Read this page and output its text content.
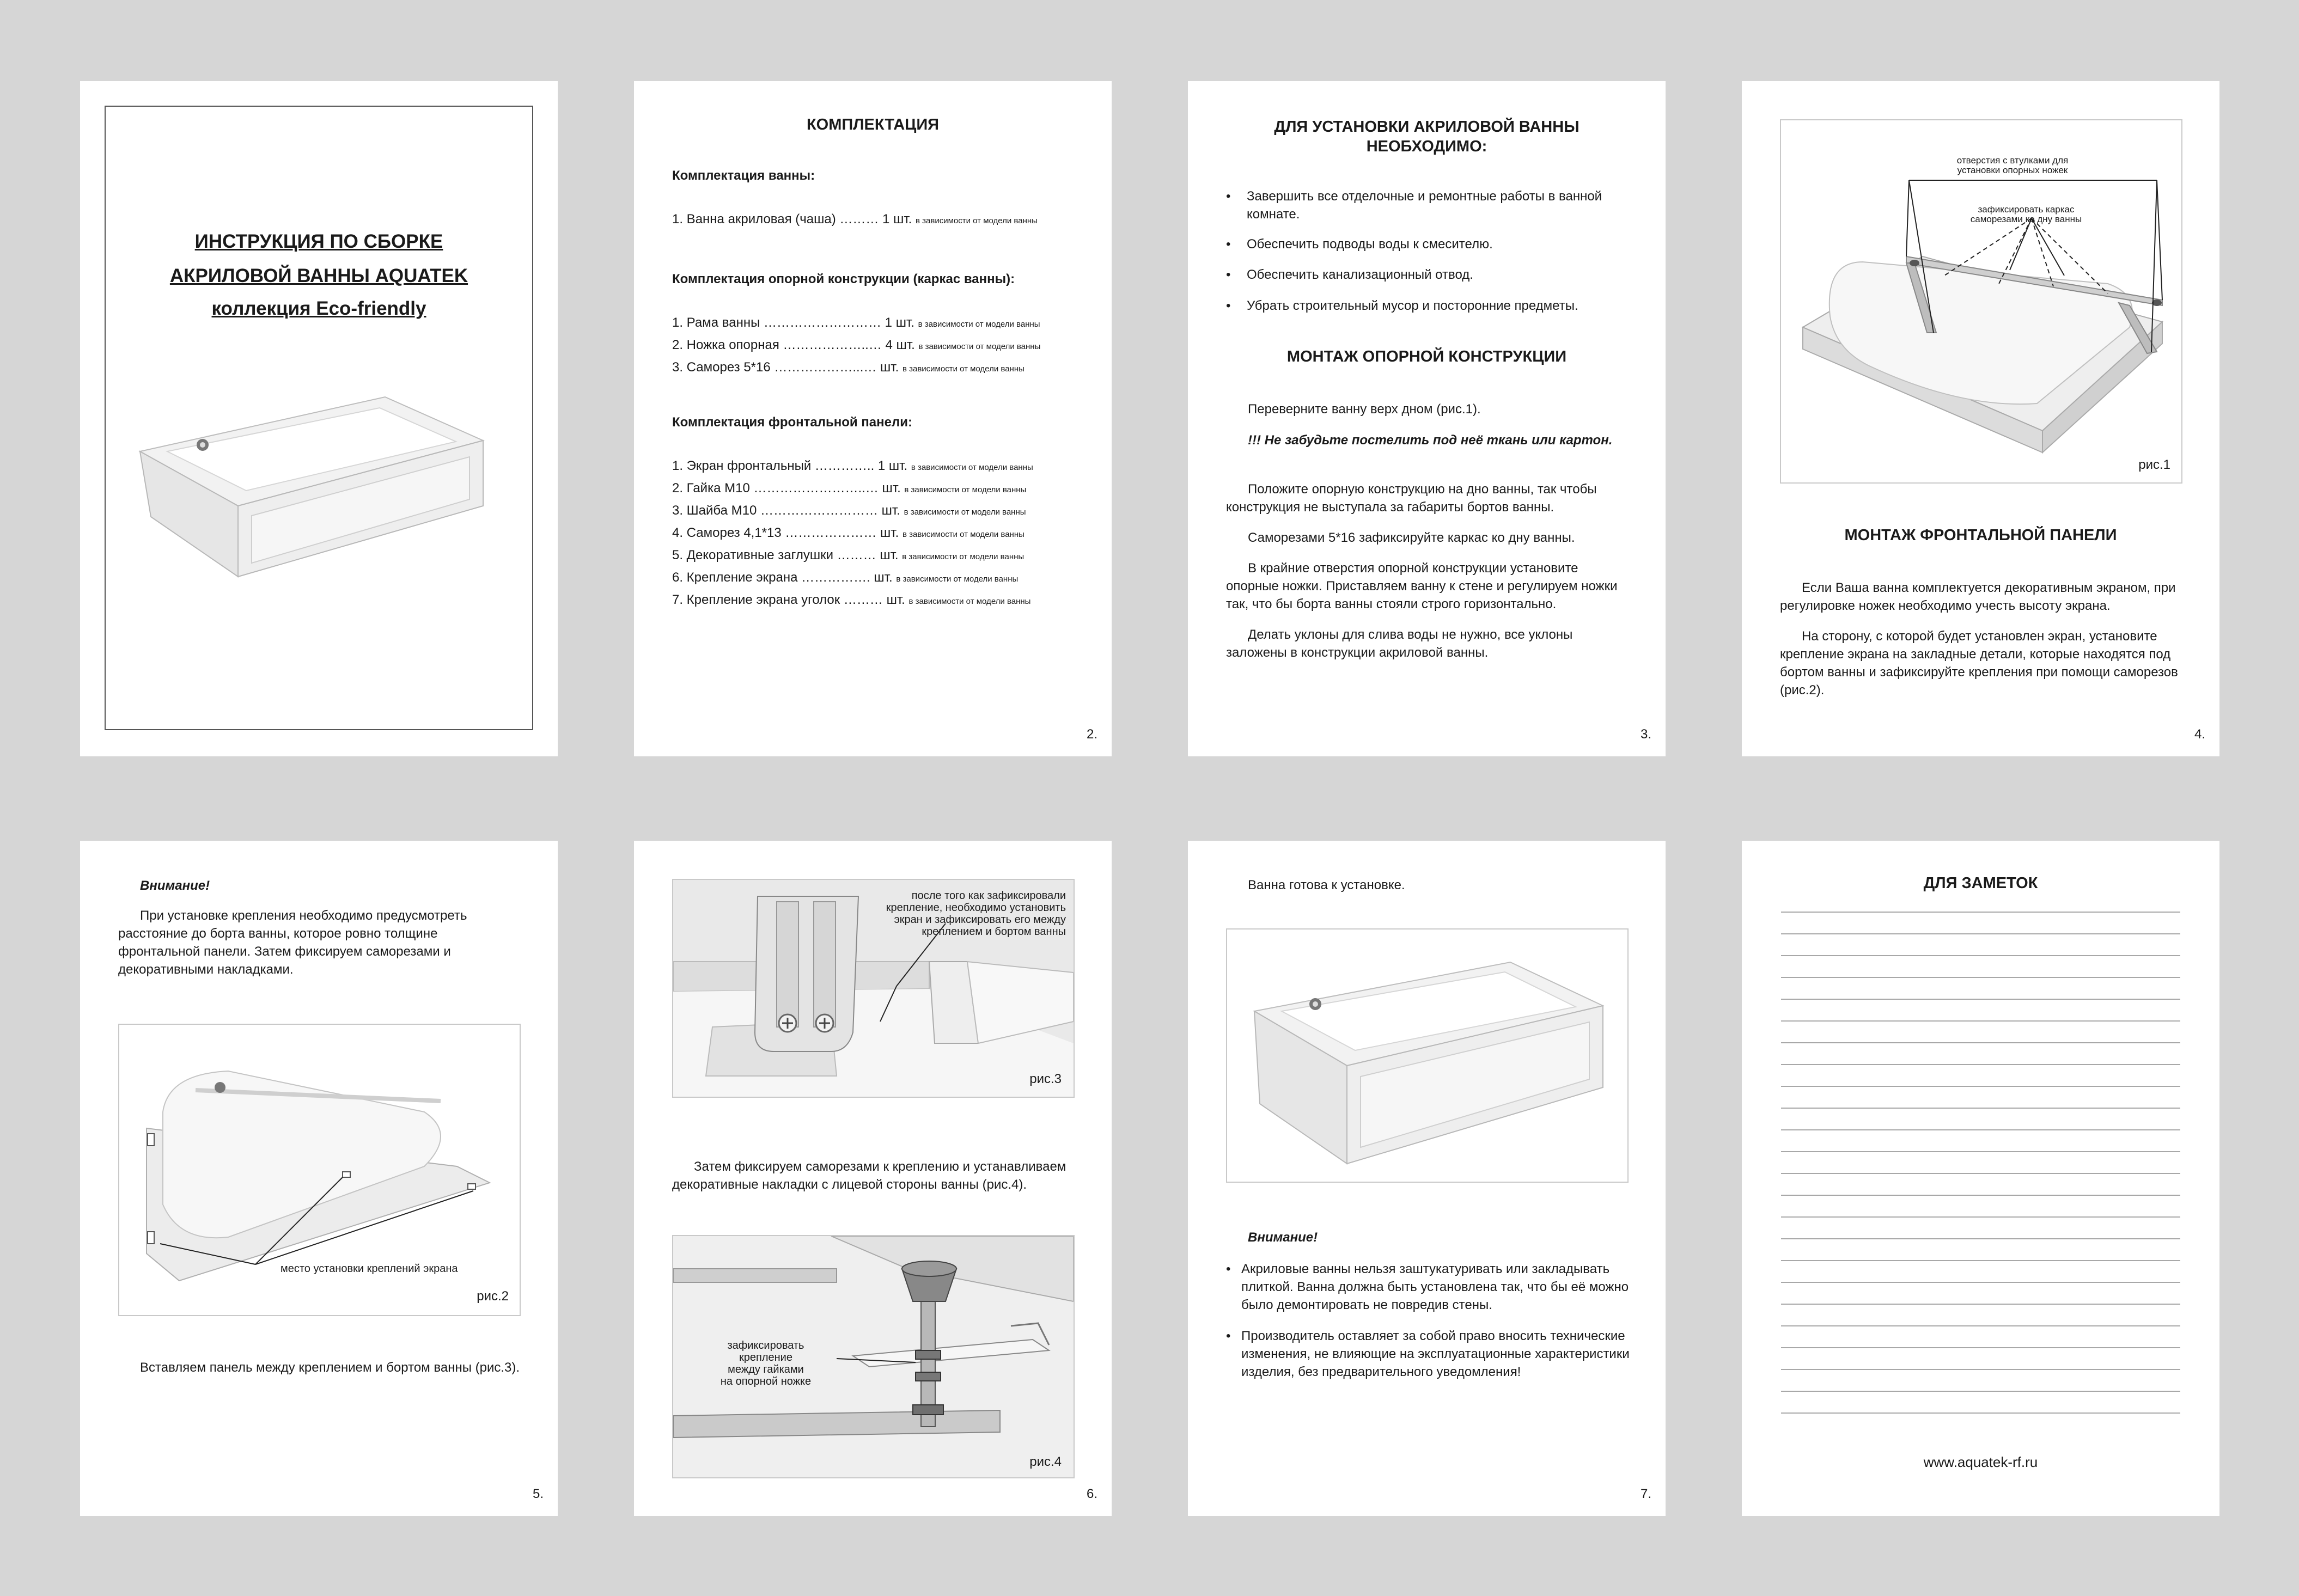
ИНСТРУКЦИЯ ПО СБОРКЕ
АКРИЛОВОЙ ВАННЫ AQUATEK
коллекция Eco-friendly
КОМПЛЕКТАЦИЯ
Комплектация ванны:
1. Ванна акриловая (чаша) ……… 1 шт. в зависимости от модели ванны
Комплектация опорной конструкции (каркас ванны):
1. Рама ванны ……………………… 1 шт. в зависимости от модели ванны
2. Ножка опорная ………………..… 4 шт. в зависимости от модели ванны
3. Саморез 5*16 ………………...… шт. в зависимости от модели ванны
Комплектация фронтальной панели:
1. Экран фронтальный ………….. 1 шт. в зависимости от модели ванны
2. Гайка М10 ……………………..… шт. в зависимости от модели ванны
3. Шайба М10 ……………………… шт. в зависимости от модели ванны
4. Саморез 4,1*13 ………………… шт. в зависимости от модели ванны
5. Декоративные заглушки ……… шт. в зависимости от модели ванны
6. Крепление экрана ……………. шт. в зависимости от модели ванны
7. Крепление экрана уголок ……… шт. в зависимости от модели ванны
2.
ДЛЯ УСТАНОВКИ АКРИЛОВОЙ ВАННЫ
НЕОБХОДИМО:
•	Завершить все отделочные и ремонтные работы в ванной комнате.
•	Обеспечить подводы воды к смесителю.
•	Обеспечить канализационный отвод.
•	Убрать строительный мусор и посторонние предметы.
МОНТАЖ ОПОРНОЙ КОНСТРУКЦИИ
Переверните ванну верх дном (рис.1).
!!! Не забудьте постелить под неё ткань или картон.
Положите опорную конструкцию на дно ванны, так чтобы конструкция не выступала за габариты бортов ванны.
Саморезами 5*16 зафиксируйте каркас ко дну ванны.
В крайние отверстия опорной конструкции установите опорные ножки. Приставляем ванну к стене и регулируем ножки так, что бы борта ванны стояли строго горизонтально.
Делать уклоны для слива воды не нужно, все уклоны заложены в конструкции акриловой ванны.
3.
отверстия с втулками для
установки опорных ножек
зафиксировать каркас
саморезами ко дну ванны
рис.1
МОНТАЖ ФРОНТАЛЬНОЙ ПАНЕЛИ
Если Ваша ванна комплектуется декоративным экраном, при регулировке ножек необходимо учесть высоту экрана.
На сторону, с которой будет установлен экран, установите крепление экрана на закладные детали, которые находятся под бортом ванны и зафиксируйте крепления при помощи саморезов (рис.2).
4.
Внимание!
При установке крепления необходимо предусмотреть расстояние до борта ванны, которое ровно толщине фронтальной панели. Затем фиксируем саморезами и декоративными накладками.
место установки креплений экрана
рис.2
Вставляем панель между креплением и бортом ванны (рис.3).
5.
после того как зафиксировали
крепление, необходимо установить
экран и зафиксировать его между
креплением и бортом ванны
рис.3
Затем фиксируем саморезами к креплению и устанавливаем декоративные накладки с лицевой стороны ванны (рис.4).
зафиксировать
крепление
между гайками
на опорной ножке
рис.4
6.
Ванна готова к установке.
Внимание!
• Акриловые ванны нельзя заштукатуривать или закладывать плиткой. Ванна должна быть установлена так, что бы её можно было демонтировать не повредив стены.
• Производитель оставляет за собой право вносить технические изменения, не влияющие на эксплуатационные характеристики изделия, без предварительного уведомления!
7.
ДЛЯ ЗАМЕТОК
www.aquatek-rf.ru
